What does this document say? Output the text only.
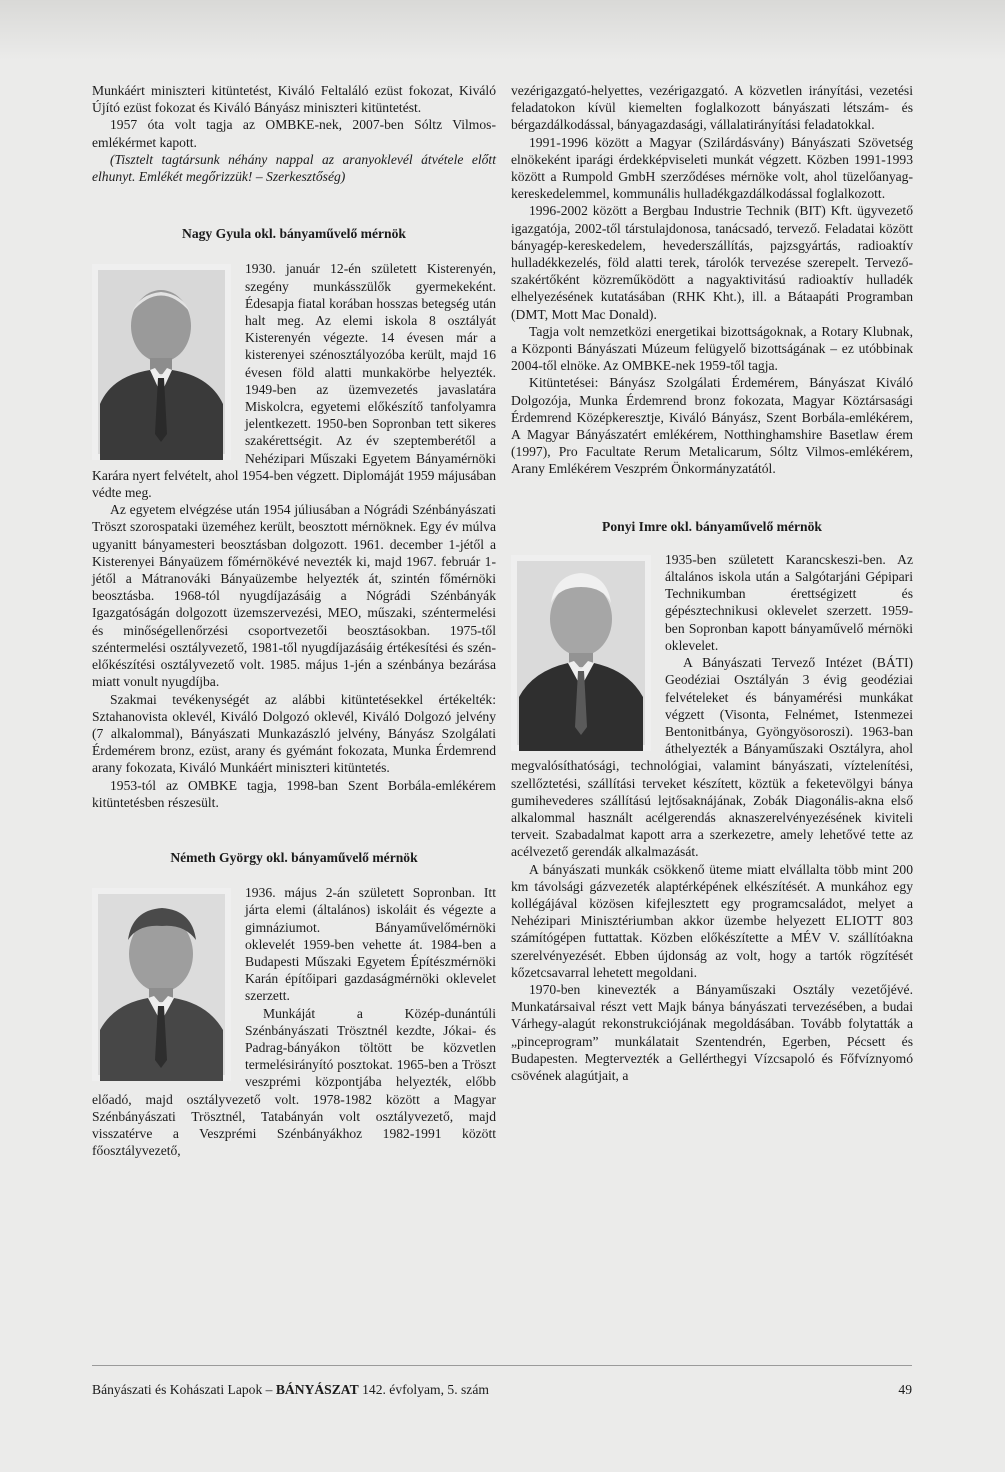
Munkáért miniszteri kitüntetést, Kiváló Feltaláló ezüst fokozat, Kiváló Újító ezüst fokozat és Kiváló Bányász miniszteri kitüntetést.

1957 óta volt tagja az OMBKE-nek, 2007-ben Sóltz Vilmos-emlékérmet kapott.

(Tisztelt tagtársunk néhány nappal az aranyoklevél átvétele előtt elhunyt. Emlékét megőrizzük! – Szerkesztőség)

Nagy Gyula okl. bányaművelő mérnök

1930. január 12-én született Kisterenyén, szegény munkásszülők gyermekeként. Édesapja fiatal korában hosszas betegség után halt meg. Az elemi iskola 8 osztályát Kisterenyén végezte. 14 évesen már a kisterenyei szénosztályozóba került, majd 16 évesen föld alatti munkakörbe helyezték. 1949-ben az üzemvezetés javaslatára Miskolcra, egyetemi előkészítő tanfolyamra jelentkezett. 1950-ben Sopronban tett sikeres szakérettségit. Az év szeptemberétől a Nehézipari Műszaki Egyetem Bányamérnöki Karára nyert felvételt, ahol 1954-ben végzett. Diplomáját 1959 májusában védte meg.

Az egyetem elvégzése után 1954 júliusában a Nógrádi Szénbányászati Tröszt szorospataki üzeméhez került, beosztott mérnöknek. Egy év múlva ugyanitt bányamesteri beosztásban dolgozott. 1961. december 1-jétől a Kisterenyei Bányaüzem főmérnökévé nevezték ki, majd 1967. február 1-jétől a Mátranováki Bányaüzembe helyezték át, szintén főmérnöki beosztásba. 1968-tól nyugdíjazásáig a Nógrádi Szénbányák Igazgatóságán dolgozott üzemszervezési, MEO, műszaki, széntermelési és minőségellenőrzési csoportvezetői beosztásokban. 1975-től széntermelési osztályvezető, 1981-től nyugdíjazásáig értékesítési és szén-előkészítési osztályvezető volt. 1985. május 1-jén a szénbánya bezárása miatt vonult nyugdíjba.

Szakmai tevékenységét az alábbi kitüntetésekkel értékelték: Sztahanovista oklevél, Kiváló Dolgozó oklevél, Kiváló Dolgozó jelvény (7 alkalommal), Bányászati Munkazászló jelvény, Bányász Szolgálati Érdemérem bronz, ezüst, arany és gyémánt fokozata, Munka Érdemrend arany fokozata, Kiváló Munkáért miniszteri kitüntetés.

1953-tól az OMBKE tagja, 1998-ban Szent Borbála-emlékérem kitüntetésben részesült.

Németh György okl. bányaművelő mérnök

1936. május 2-án született Sopronban. Itt járta elemi (általános) iskoláit és végezte a gimnáziumot. Bányaművelőmérnöki oklevelét 1959-ben vehette át. 1984-ben a Budapesti Műszaki Egyetem Építészmérnöki Karán építőipari gazdaságmérnöki oklevelet szerzett.

Munkáját a Közép-dunántúli Szénbányászati Trösztnél kezdte, Jókai- és Padrag-bányákon töltött be közvetlen termelésirányító posztokat. 1965-ben a Tröszt veszprémi központjába helyezték, előbb előadó, majd osztályvezető volt. 1978-1982 között a Magyar Szénbányászati Trösztnél, Tatabányán volt osztályvezető, majd visszatérve a Veszprémi Szénbányákhoz 1982-1991 között főosztályvezető,

vezérigazgató-helyettes, vezérigazgató. A közvetlen irányítási, vezetési feladatokon kívül kiemelten foglalkozott bányászati létszám- és bérgazdálkodással, bányagazdasági, vállalatirányítási feladatokkal.

1991-1996 között a Magyar (Szilárdásvány) Bányászati Szövetség elnökeként iparági érdekképviseleti munkát végzett. Közben 1991-1993 között a Rumpold GmbH szerződéses mérnöke volt, ahol tüzelőanyag-kereskedelemmel, kommunális hulladékgazdálkodással foglalkozott.

1996-2002 között a Bergbau Industrie Technik (BIT) Kft. ügyvezető igazgatója, 2002-től társtulajdonosa, tanácsadó, tervező. Feladatai között bányagép-kereskedelem, hevederszállítás, pajzsgyártás, radioaktív hulladékkezelés, föld alatti terek, tárolók tervezése szerepelt. Tervező-szakértőként közreműködött a nagyaktivitású radioaktív hulladék elhelyezésének kutatásában (RHK Kht.), ill. a Bátaapáti Programban (DMT, Mott Mac Donald).

Tagja volt nemzetközi energetikai bizottságoknak, a Rotary Klubnak, a Központi Bányászati Múzeum felügyelő bizottságának – ez utóbbinak 2004-től elnöke. Az OMBKE-nek 1959-től tagja.

Kitüntetései: Bányász Szolgálati Érdemérem, Bányászat Kiváló Dolgozója, Munka Érdemrend bronz fokozata, Magyar Köztársasági Érdemrend Középkeresztje, Kiváló Bányász, Szent Borbála-emlékérem, A Magyar Bányászatért emlékérem, Notthinghamshire Basetlaw érem (1997), Pro Facultate Rerum Metalicarum, Sóltz Vilmos-emlékérem, Arany Emlékérem Veszprém Önkormányzatától.

Ponyi Imre okl. bányaművelő mérnök

1935-ben született Karancskeszi-ben. Az általános iskola után a Salgótarjáni Gépipari Technikumban érettségizett és gépésztechnikusi oklevelet szerzett. 1959-ben Sopronban kapott bányaművelő mérnöki oklevelet.

A Bányászati Tervező Intézet (BÁTI) Geodéziai Osztályán 3 évig geodéziai felvételeket és bányamérési munkákat végzett (Visonta, Felnémet, Istenmezei Bentonitbánya, Gyöngyösoroszi). 1963-ban áthelyezték a Bányaműszaki Osztályra, ahol megvalósíthatósági, technológiai, valamint bányászati, víztelenítési, szellőztetési, szállítási terveket készített, köztük a feketevölgyi bánya gumihevederes szállítású lejtősaknájának, Zobák Diagonális-akna első alkalommal használt acélgerendás aknaszerelvényezésének kiviteli terveit. Szabadalmat kapott arra a szerkezetre, amely lehetővé tette az acélvezető gerendák alkalmazását.

A bányászati munkák csökkenő üteme miatt elvállalta több mint 200 km távolsági gázvezeték alaptérképének elkészítését. A munkához egy kollégájával közösen kifejlesztett egy programcsaládot, melyet a Nehézipari Minisztériumban akkor üzembe helyezett ELIOTT 803 számítógépen futtattak. Közben előkészítette a MÉV V. szállítóakna szerelvényezését. Ebben újdonság az volt, hogy a tartók rögzítését kőzetcsavarral lehetett megoldani.

1970-ben kinevezték a Bányaműszaki Osztály vezetőjévé. Munkatársaival részt vett Majk bánya bányászati tervezésében, a budai Várhegy-alagút rekonstrukciójának megoldásában. Tovább folytatták a „pinceprogram” munkálatait Szentendrén, Egerben, Pécsett és Budapesten. Megtervezték a Gellérthegyi Vízcsapoló és Főfvíznyomó csövének alagútjait, a

Bányászati és Kohászati Lapok – BÁNYÁSZAT 142. évfolyam, 5. szám	49
